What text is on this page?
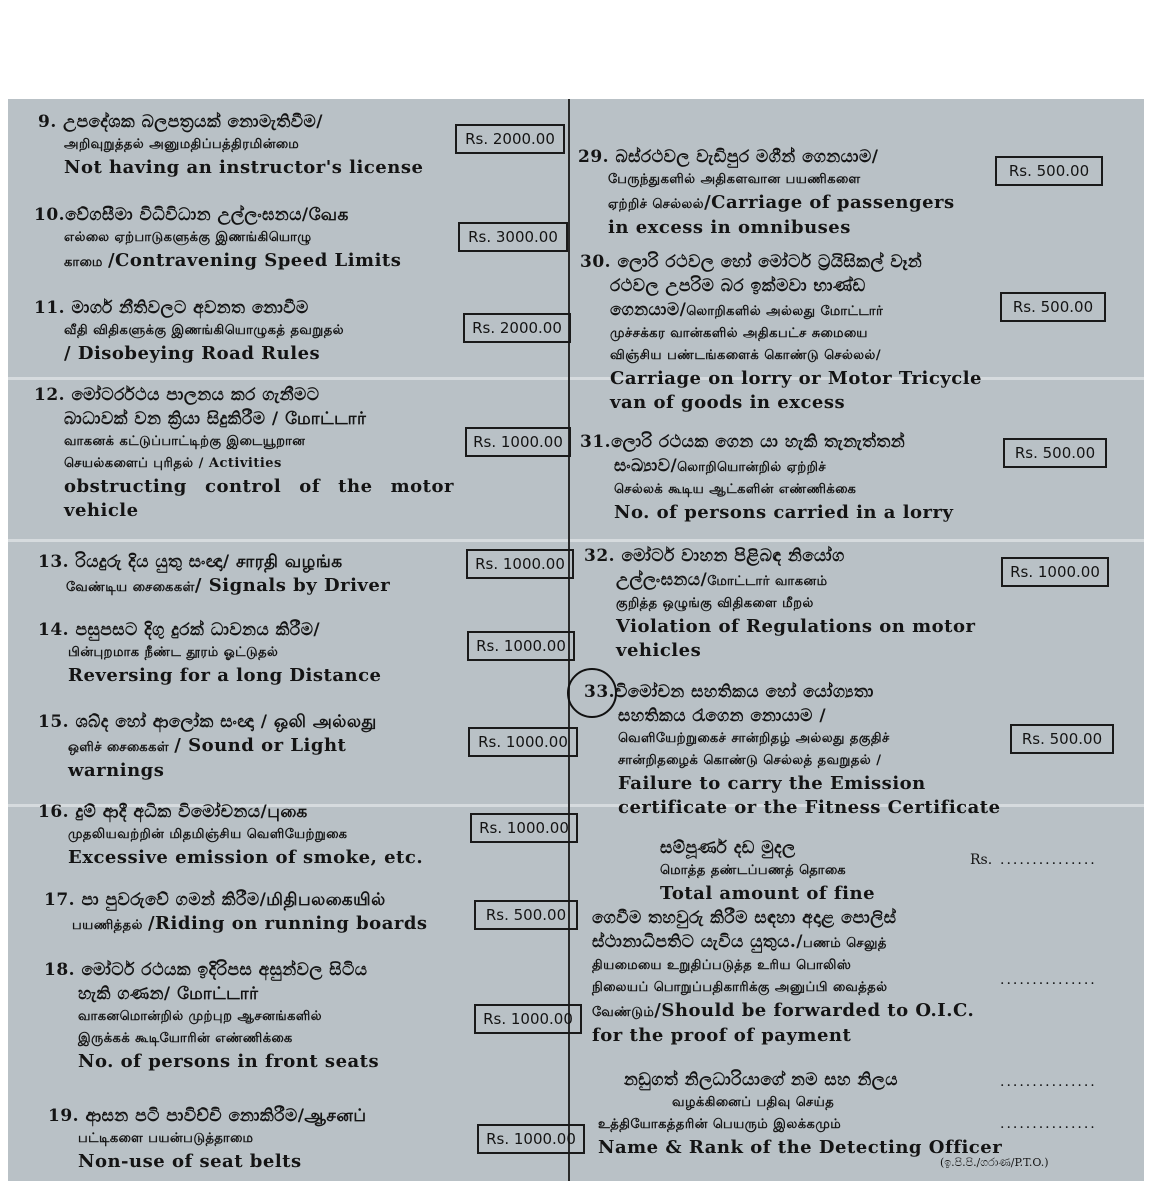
9. උපදේශක බලපත්‍රයක් නොමැතිවීම/
அறிவுறுத்தல் அனுமதிப்பத்திரமின்மை
Not having an instructor's license
Rs. 2000.00
10.වේගසීමා විධිවිධාන උල්ලංඝනය/வேக
எல்லை ஏற்பாடுகளுக்கு இணங்கியொழு
காமை /Contravening Speed Limits
Rs. 3000.00
11. මාර්ග නීතිවලට අවනත නොවීම
வீதி விதிகளுக்கு இணங்கியொழுகத் தவறுதல்
/ Disobeying Road Rules
Rs. 2000.00
12. මෝටර්රථය පාලනය කර ගැනීමට
බාධාවක් වන ක්‍රියා සිදුකිරීම / மோட்டார்
வாகனக் கட்டுப்பாட்டிற்கு இடையூறான
செயல்களைப் புரிதல் / Activities
obstructing control of the motor
vehicle
Rs. 1000.00
13. රියදුරු දිය යුතු සංඥා/ சாரதி வழங்க
வேண்டிய சைகைகள்/ Signals by Driver
Rs. 1000.00
14. පසුපසට දිගු දුරක් ධාවනය කිරීම/
பின்புறமாக நீண்ட தூரம் ஓட்டுதல்
Reversing for a long Distance
Rs. 1000.00
15. ශබ්ද හෝ ආලෝක සංඥා / ஒலி அல்லது
ஒளிச் சைகைகள் / Sound or Light
warnings
Rs. 1000.00
16. දුම් ආදී අධික විමෝචනය/புகை
முதலியவற்றின் மிதமிஞ்சிய வெளியேற்றுகை
Excessive emission of smoke, etc.
Rs. 1000.00
17. පා පුවරුවේ ගමන් කිරීම/மிதிபலகையில்
பயணித்தல் /Riding on running boards	Rs. 500.00
18. මෝටර් රථයක ඉදිරිපස අසුන්වල සිටිය
හැකි ගණන/ மோட்டார்
வாகனமொன்றில் முற்புற ஆசனங்களில்
இருக்கக் கூடியோரின் எண்ணிக்கை
No. of persons in front seats
Rs. 1000.00
19. ආසන පටි පාවිච්චි නොකිරීම/ஆசனப்
பட்டிகளை பயன்படுத்தாமை
Non-use of seat belts
Rs. 1000.00
29. බස්රථවල වැඩිපුර මගීන් ගෙනයාම/
பேருந்துகளில் அதிகளவான பயணிகளை
ஏற்றிச் செல்லல்/Carriage of passengers
in excess in omnibuses
Rs. 500.00
30. ලොරි රථවල හෝ මෝටර් ට්‍රයිසිකල් වෑන්
රථවල උපරිම බර ඉක්මවා භාණ්ඩ
ගෙනයාම/லொறிகளில் அல்லது மோட்டார்
முச்சக்கர வான்களில் அதிகபட்ச சுமையை
விஞ்சிய பண்டங்களைக் கொண்டு செல்லல்/
Carriage on lorry or Motor Tricycle
van of goods in excess
Rs. 500.00
31.ලොරි රථයක ගෙන යා හැකි තැනැත්තන්
සංඛ්‍යාව/லொறியொன்றில் ஏற்றிச்
செல்லக் கூடிய ஆட்களின் எண்ணிக்கை
No. of persons carried in a lorry
Rs. 500.00
32. මෝටර් වාහන පිළිබඳ නියෝග
උල්ලංඝනය/மோட்டார் வாகனம்
குறித்த ஒழுங்கு விதிகளை மீறல்
Violation of Regulations on motor
vehicles
Rs. 1000.00
33.විමෝචන සහතිකය හෝ යෝග්‍යතා
සහතිකය රැගෙන නොයාම /
வெளியேற்றுகைச் சான்றிதழ் அல்லது தகுதிச்
சான்றிதழைக் கொண்டு செல்லத் தவறுதல் /
Failure to carry the Emission
certificate or the Fitness Certificate
Rs. 500.00
සම්පූර්ණ දඩ මුදල
மொத்த தண்டப்பணத் தொகை
Total amount of fine
Rs. ...............
ගෙවීම තහවුරු කිරීම සඳහා අදාළ පොලිස්
ස්ථානාධිපතිට යැවිය යුතුය./பணம் செலுத்
தியமையை உறுதிப்படுத்த உரிய பொலிஸ்
நிலையப் பொறுப்பதிகாரிக்கு அனுப்பி வைத்தல்
வேண்டும்/Should be forwarded to O.I.C.
for the proof of payment
...............
නඩුගත් නිලධාරියාගේ නම සහ නිලය
வழக்கினைப் பதிவு செய்த
உத்தியோகத்தரின் பெயரும் இலக்கமும்
Name & Rank of the Detecting Officer
...............
...............
(ඉ.පි.පි./ගරාණ/P.T.O.)
